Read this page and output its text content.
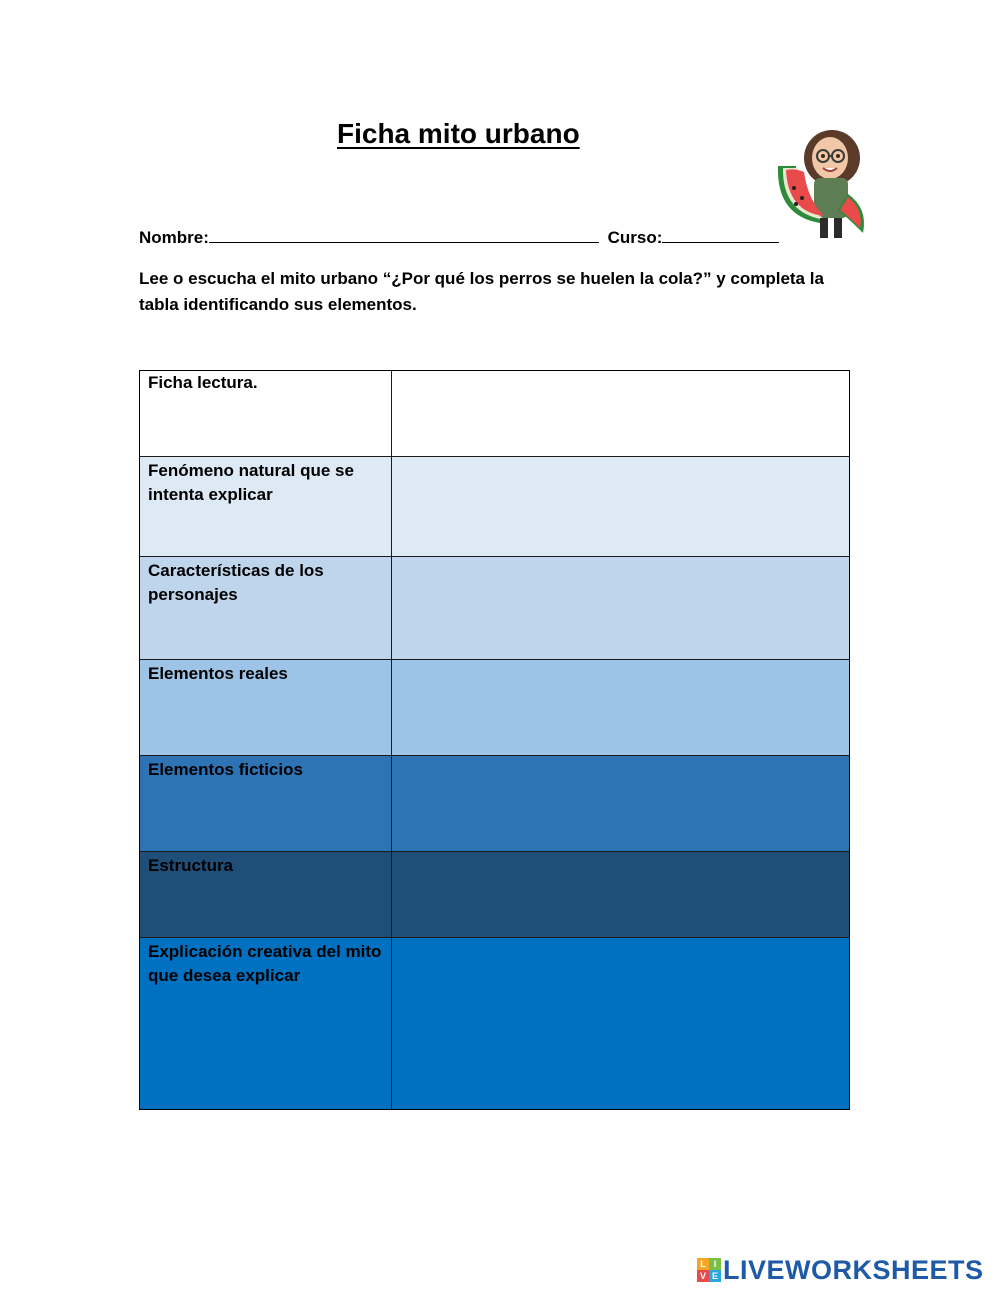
Ficha mito urbano
Nombre:	Curso:
Lee o escucha el mito urbano “¿Por qué los perros se huelen la cola?” y completa la tabla identificando sus elementos.
Ficha lectura.
Fenómeno natural que se intenta explicar
Características de los personajes
Elementos reales
Elementos ficticios
Estructura
Explicación creativa del mito que desea explicar
L I
V E LIVEWORKSHEETS
